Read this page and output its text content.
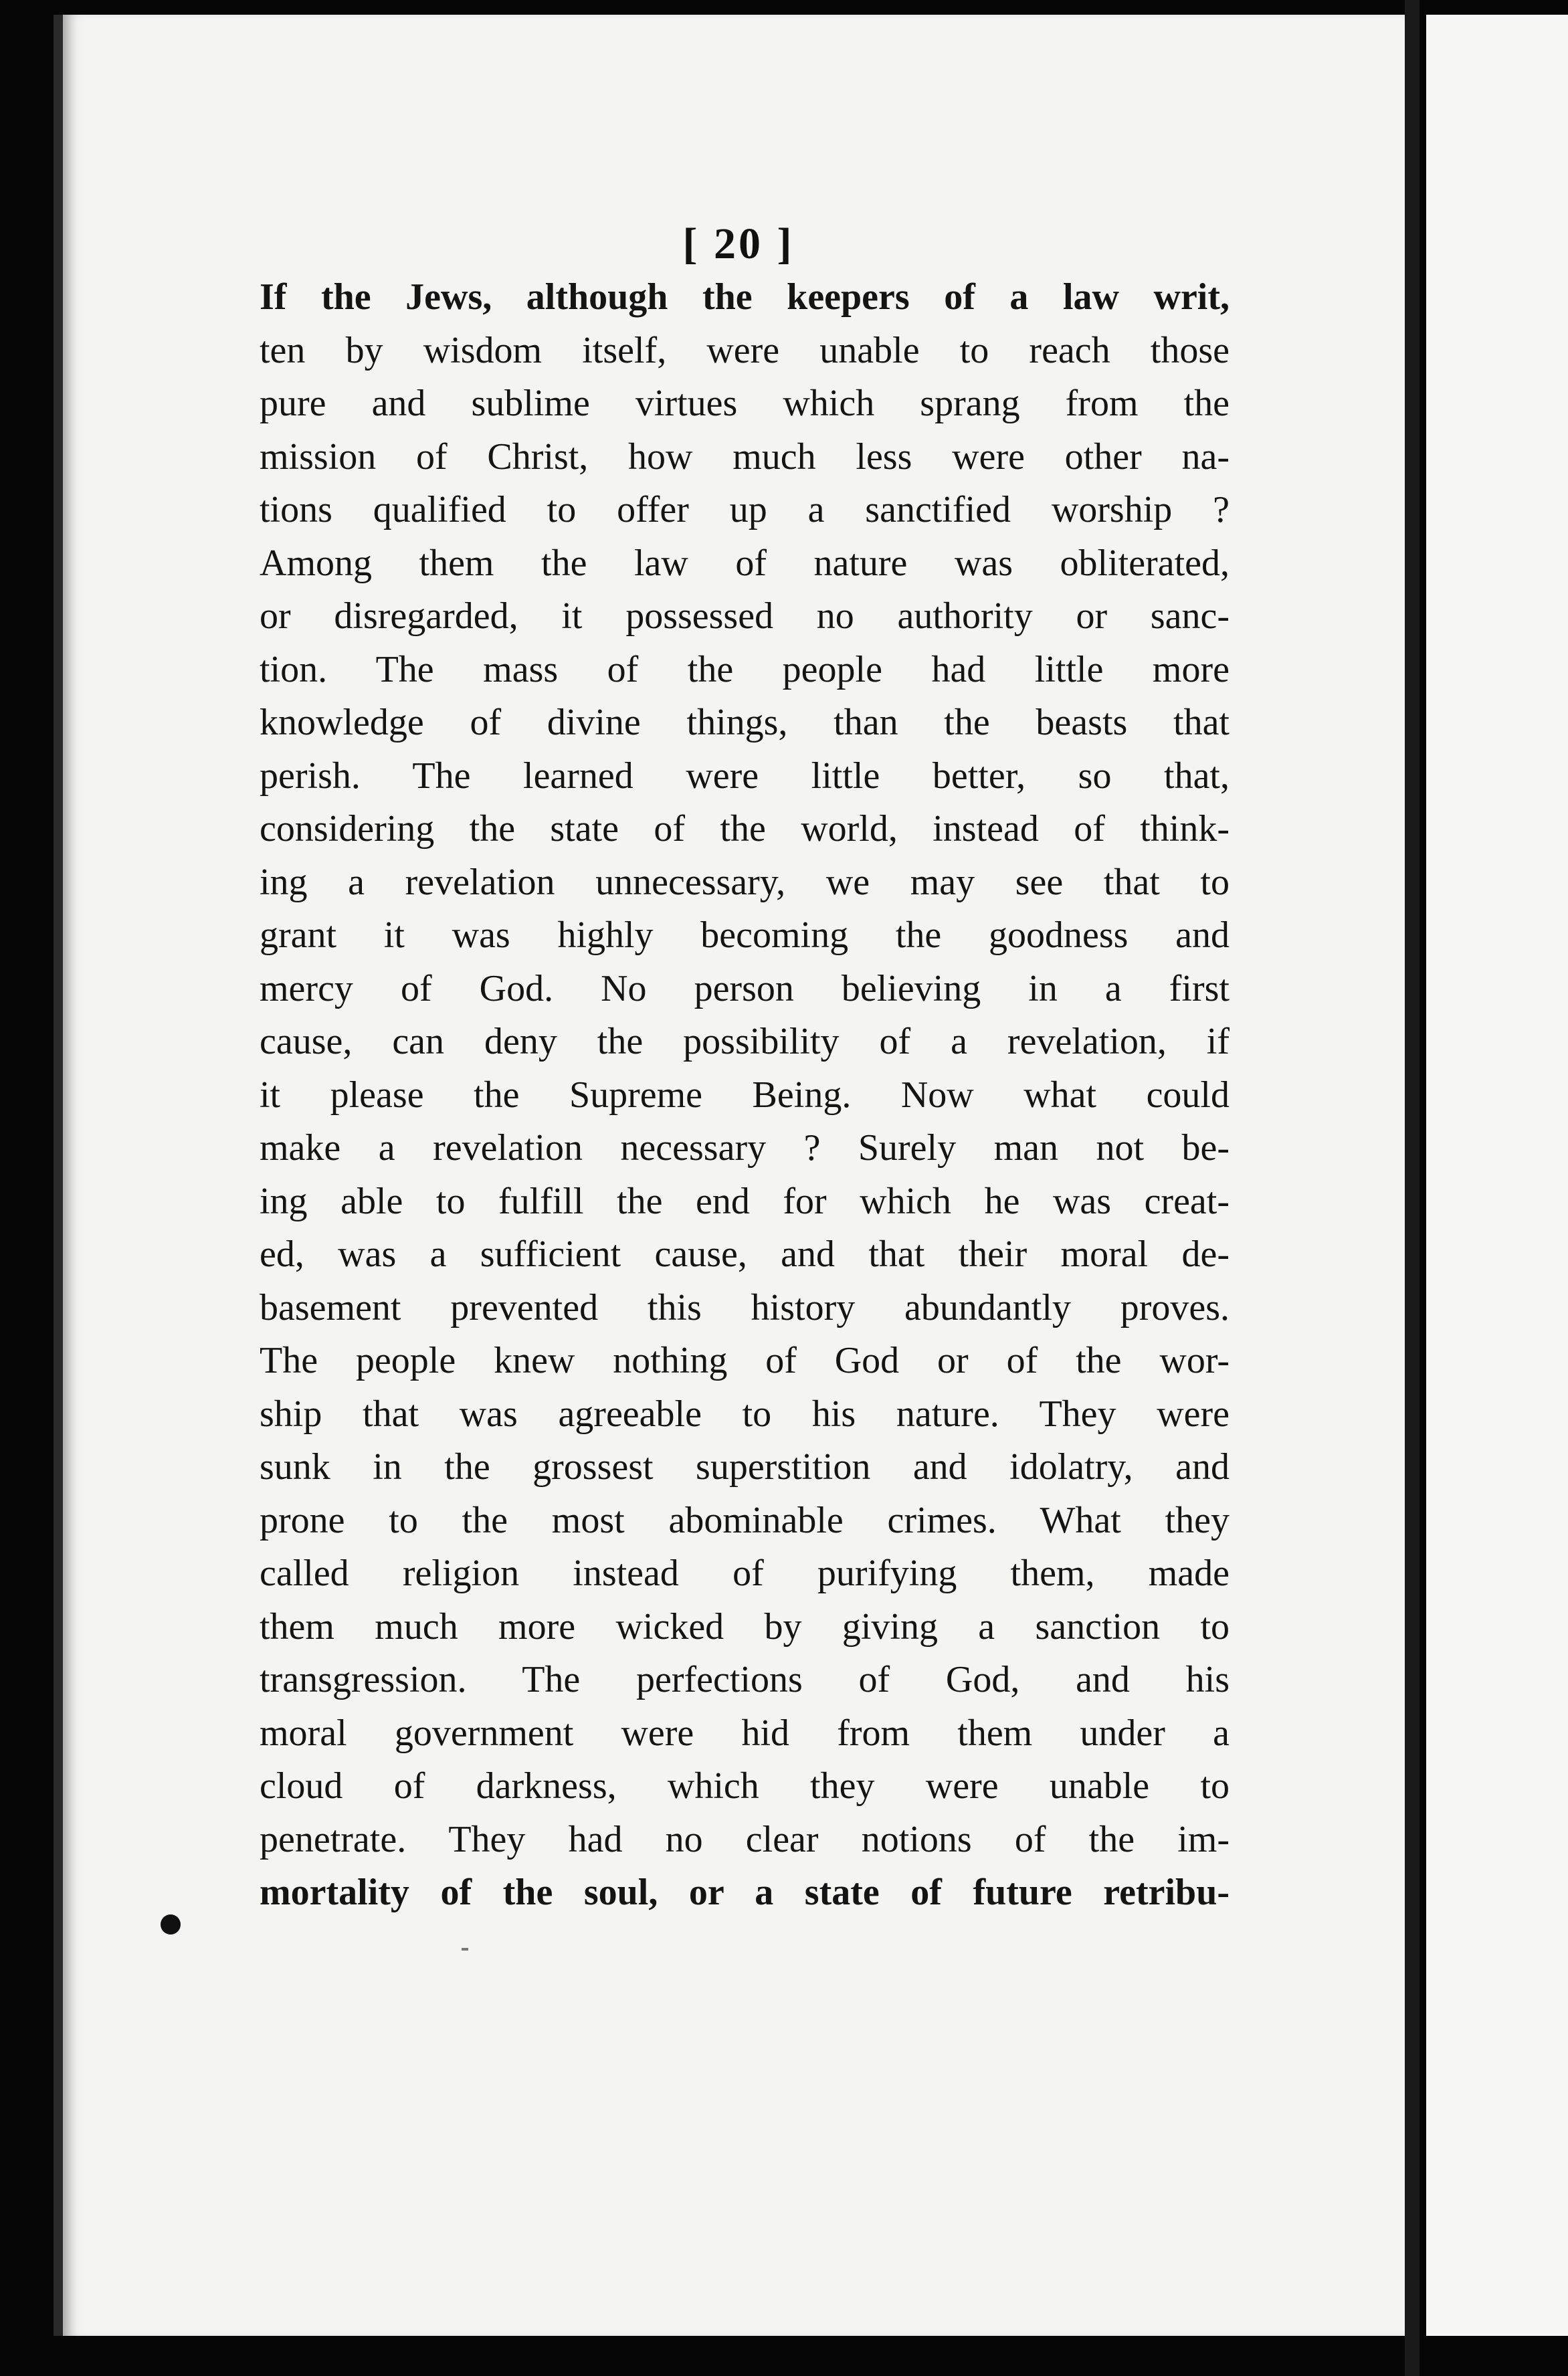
[ 20 ]
If the Jews, although the keepers of a law writ,
ten by wisdom itself, were unable to reach those
pure and sublime virtues which sprang from the
mission of Christ, how much less were other na-
tions qualified to offer up a sanctified worship ?
Among them the law of nature was obliterated,
or disregarded, it possessed no authority or sanc-
tion. The mass of the people had little more
knowledge of divine things, than the beasts that
perish. The learned were little better, so that,
considering the state of the world, instead of think-
ing a revelation unnecessary, we may see that to
grant it was highly becoming the goodness and
mercy of God. No person believing in a first
cause, can deny the possibility of a revelation, if
it please the Supreme Being. Now what could
make a revelation necessary ? Surely man not be-
ing able to fulfill the end for which he was creat-
ed, was a sufficient cause, and that their moral de-
basement prevented this history abundantly proves.
The people knew nothing of God or of the wor-
ship that was agreeable to his nature. They were
sunk in the grossest superstition and idolatry, and
prone to the most abominable crimes. What they
called religion instead of purifying them, made
them much more wicked by giving a sanction to
transgression. The perfections of God, and his
moral government were hid from them under a
cloud of darkness, which they were unable to
penetrate. They had no clear notions of the im-
mortality of the soul, or a state of future retribu-
